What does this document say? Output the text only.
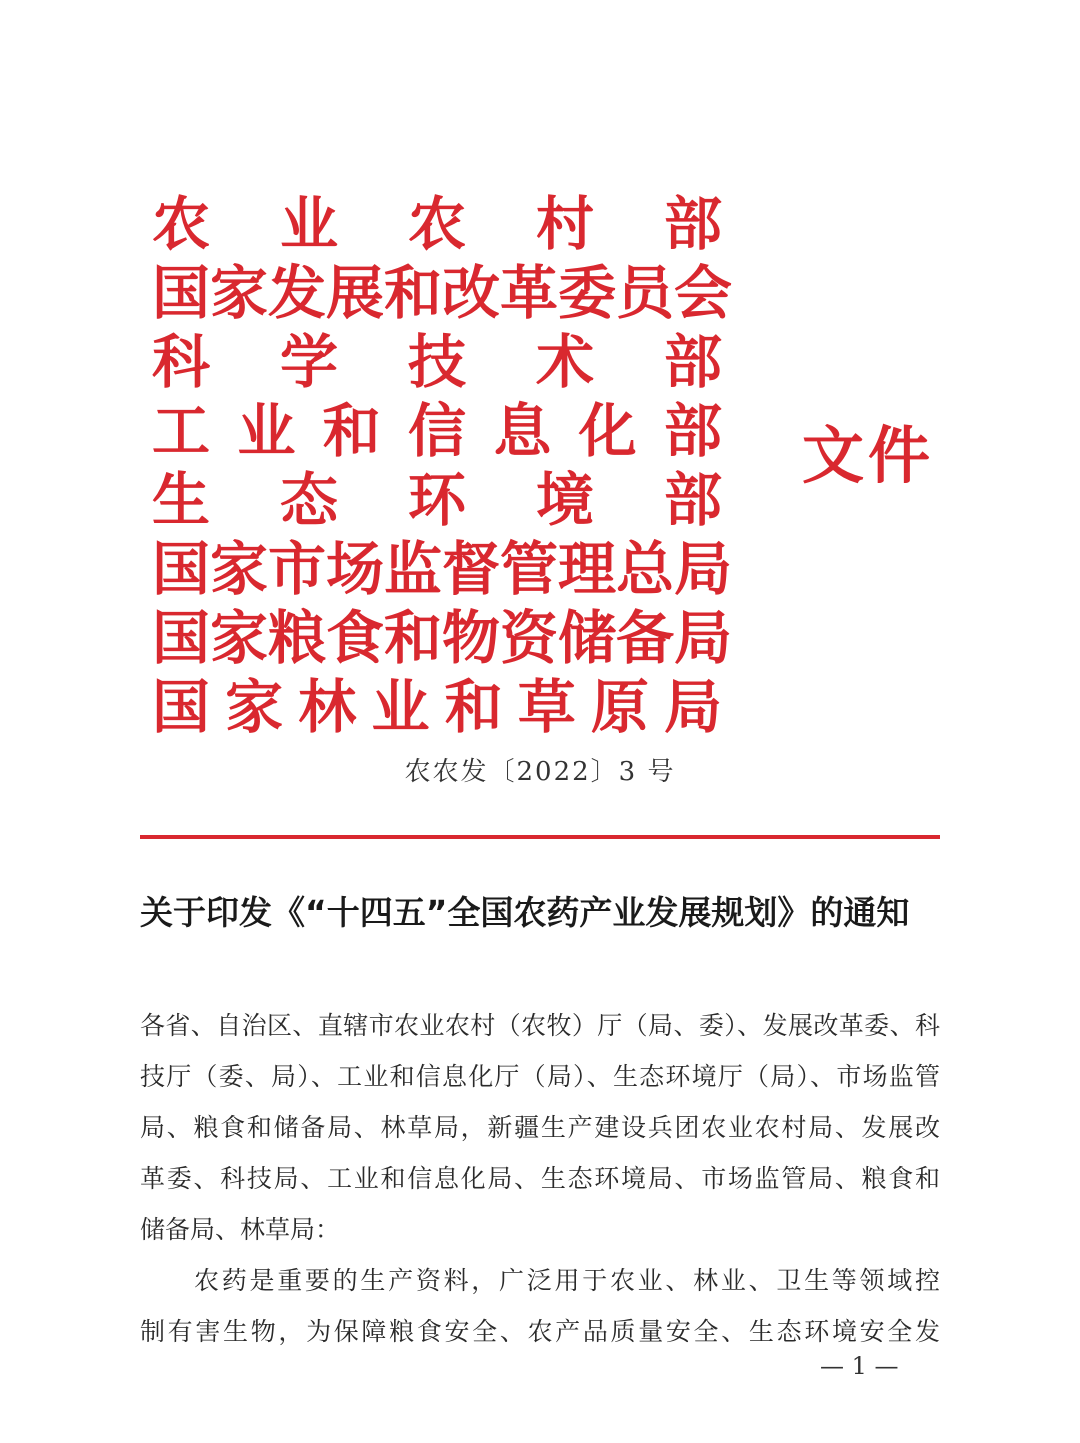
农 业 农 村 部
国家发展和改革委员会
科 学 技 术 部
工 业 和 信 息 化 部
生 态 环 境 部
国家市场监督管理总局
国家粮食和物资储备局
国 家 林 业 和 草 原 局
文件
农农发〔2022〕3 号
关于印发《“十四五”全国农药产业发展规划》的通知
各省、自治区、直辖市农业农村（农牧）厅（局、委）、发展改革委、科
技厅（委、局）、工业和信息化厅（局）、生态环境厅（局）、市场监管
局、粮食和储备局、林草局，新疆生产建设兵团农业农村局、发展改
革委、科技局、工业和信息化局、生态环境局、市场监管局、粮食和
储备局、林草局：
农药是重要的生产资料，广泛用于农业、林业、卫生等领域控
制有害生物，为保障粮食安全、农产品质量安全、生态环境安全发
— 1 —
